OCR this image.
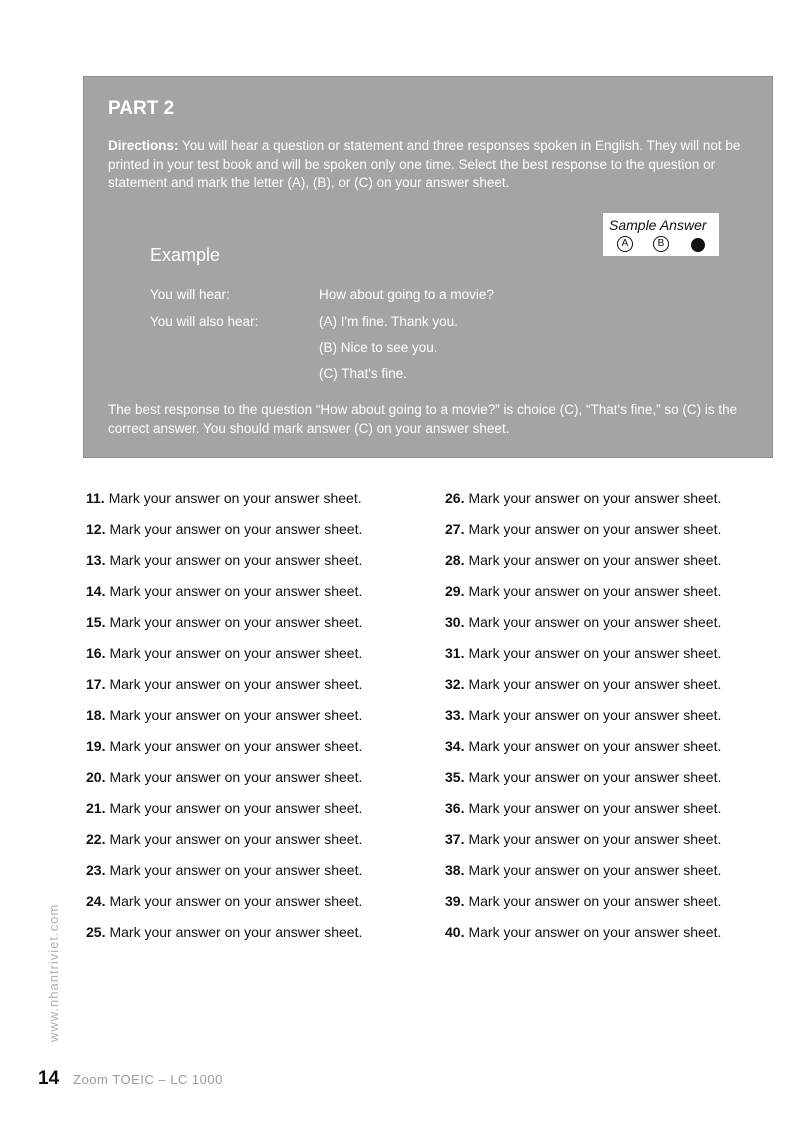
PART 2
Directions: You will hear a question or statement and three responses spoken in English. They will not be printed in your test book and will be spoken only one time. Select the best response to the question or statement and mark the letter (A), (B), or (C) on your answer sheet.
Sample Answer
A	B
Example
You will hear:	How about going to a movie?
You will also hear:	(A) I'm fine. Thank you.
(B) Nice to see you.
(C) That's fine.
The best response to the question “How about going to a movie?” is choice (C), “That's fine,” so (C) is the correct answer. You should mark answer (C) on your answer sheet.
11. Mark your answer on your answer sheet.
12. Mark your answer on your answer sheet.
13. Mark your answer on your answer sheet.
14. Mark your answer on your answer sheet.
15. Mark your answer on your answer sheet.
16. Mark your answer on your answer sheet.
17. Mark your answer on your answer sheet.
18. Mark your answer on your answer sheet.
19. Mark your answer on your answer sheet.
20. Mark your answer on your answer sheet.
21. Mark your answer on your answer sheet.
22. Mark your answer on your answer sheet.
23. Mark your answer on your answer sheet.
24. Mark your answer on your answer sheet.
25. Mark your answer on your answer sheet.
26. Mark your answer on your answer sheet.
27. Mark your answer on your answer sheet.
28. Mark your answer on your answer sheet.
29. Mark your answer on your answer sheet.
30. Mark your answer on your answer sheet.
31. Mark your answer on your answer sheet.
32. Mark your answer on your answer sheet.
33. Mark your answer on your answer sheet.
34. Mark your answer on your answer sheet.
35. Mark your answer on your answer sheet.
36. Mark your answer on your answer sheet.
37. Mark your answer on your answer sheet.
38. Mark your answer on your answer sheet.
39. Mark your answer on your answer sheet.
40. Mark your answer on your answer sheet.
www.nhantriviet.com
14 Zoom TOEIC – LC 1000
